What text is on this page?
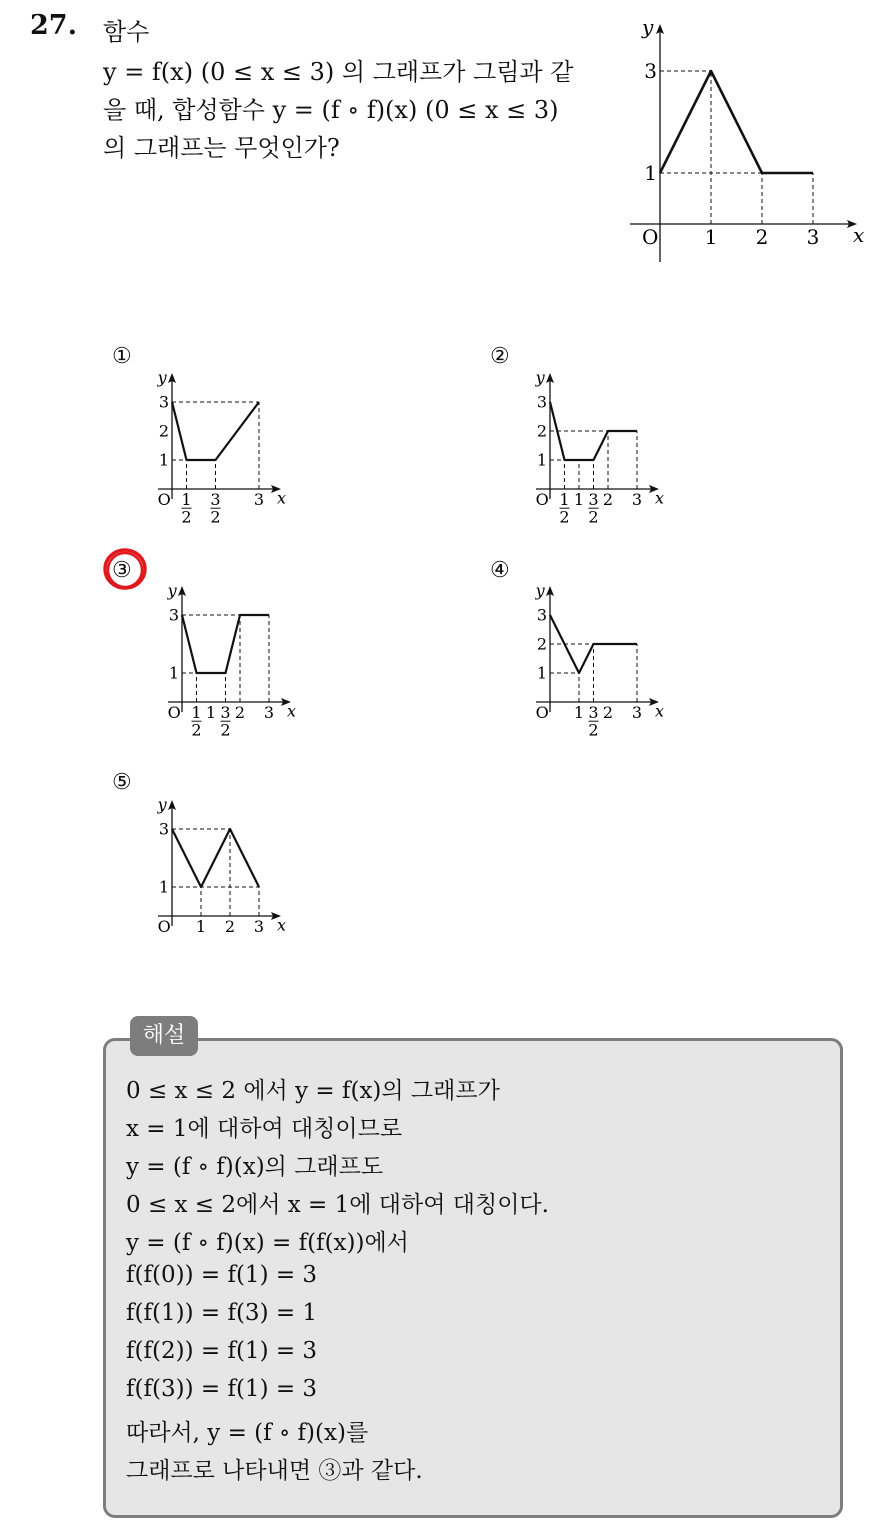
27. 함수
y = f(x) (0 ≤ x ≤ 3) 의 그래프가 그림과 같
을 때, 합성함수 y = (f ∘ f)(x) (0 ≤ x ≤ 3)
의 그래프는 무엇인가?
x
y
O 1 2 3
1
3
①	②
③	④
⑤
x
y
O 1
2
3
2
3
1
2
3
x
y
O 1
2
1 3
2
2 3
1
2
3
x
y
O 1
2
1 3
2
2 3
1
3
x
y
O 1 3
2
2 3
1
2
3
x
y
O 1 2 3
1
3
해설
0 ≤ x ≤ 2 에서 y = f(x)의 그래프가
x = 1에 대하여 대칭이므로
y = (f ∘ f)(x)의 그래프도
0 ≤ x ≤ 2에서 x = 1에 대하여 대칭이다.
y = (f ∘ f)(x) = f(f(x))에서
f(f(0)) = f(1) = 3
f(f(1)) = f(3) = 1
f(f(2)) = f(1) = 3
f(f(3)) = f(1) = 3
따라서, y = (f ∘ f)(x)를
그래프로 나타내면 ③과 같다.
